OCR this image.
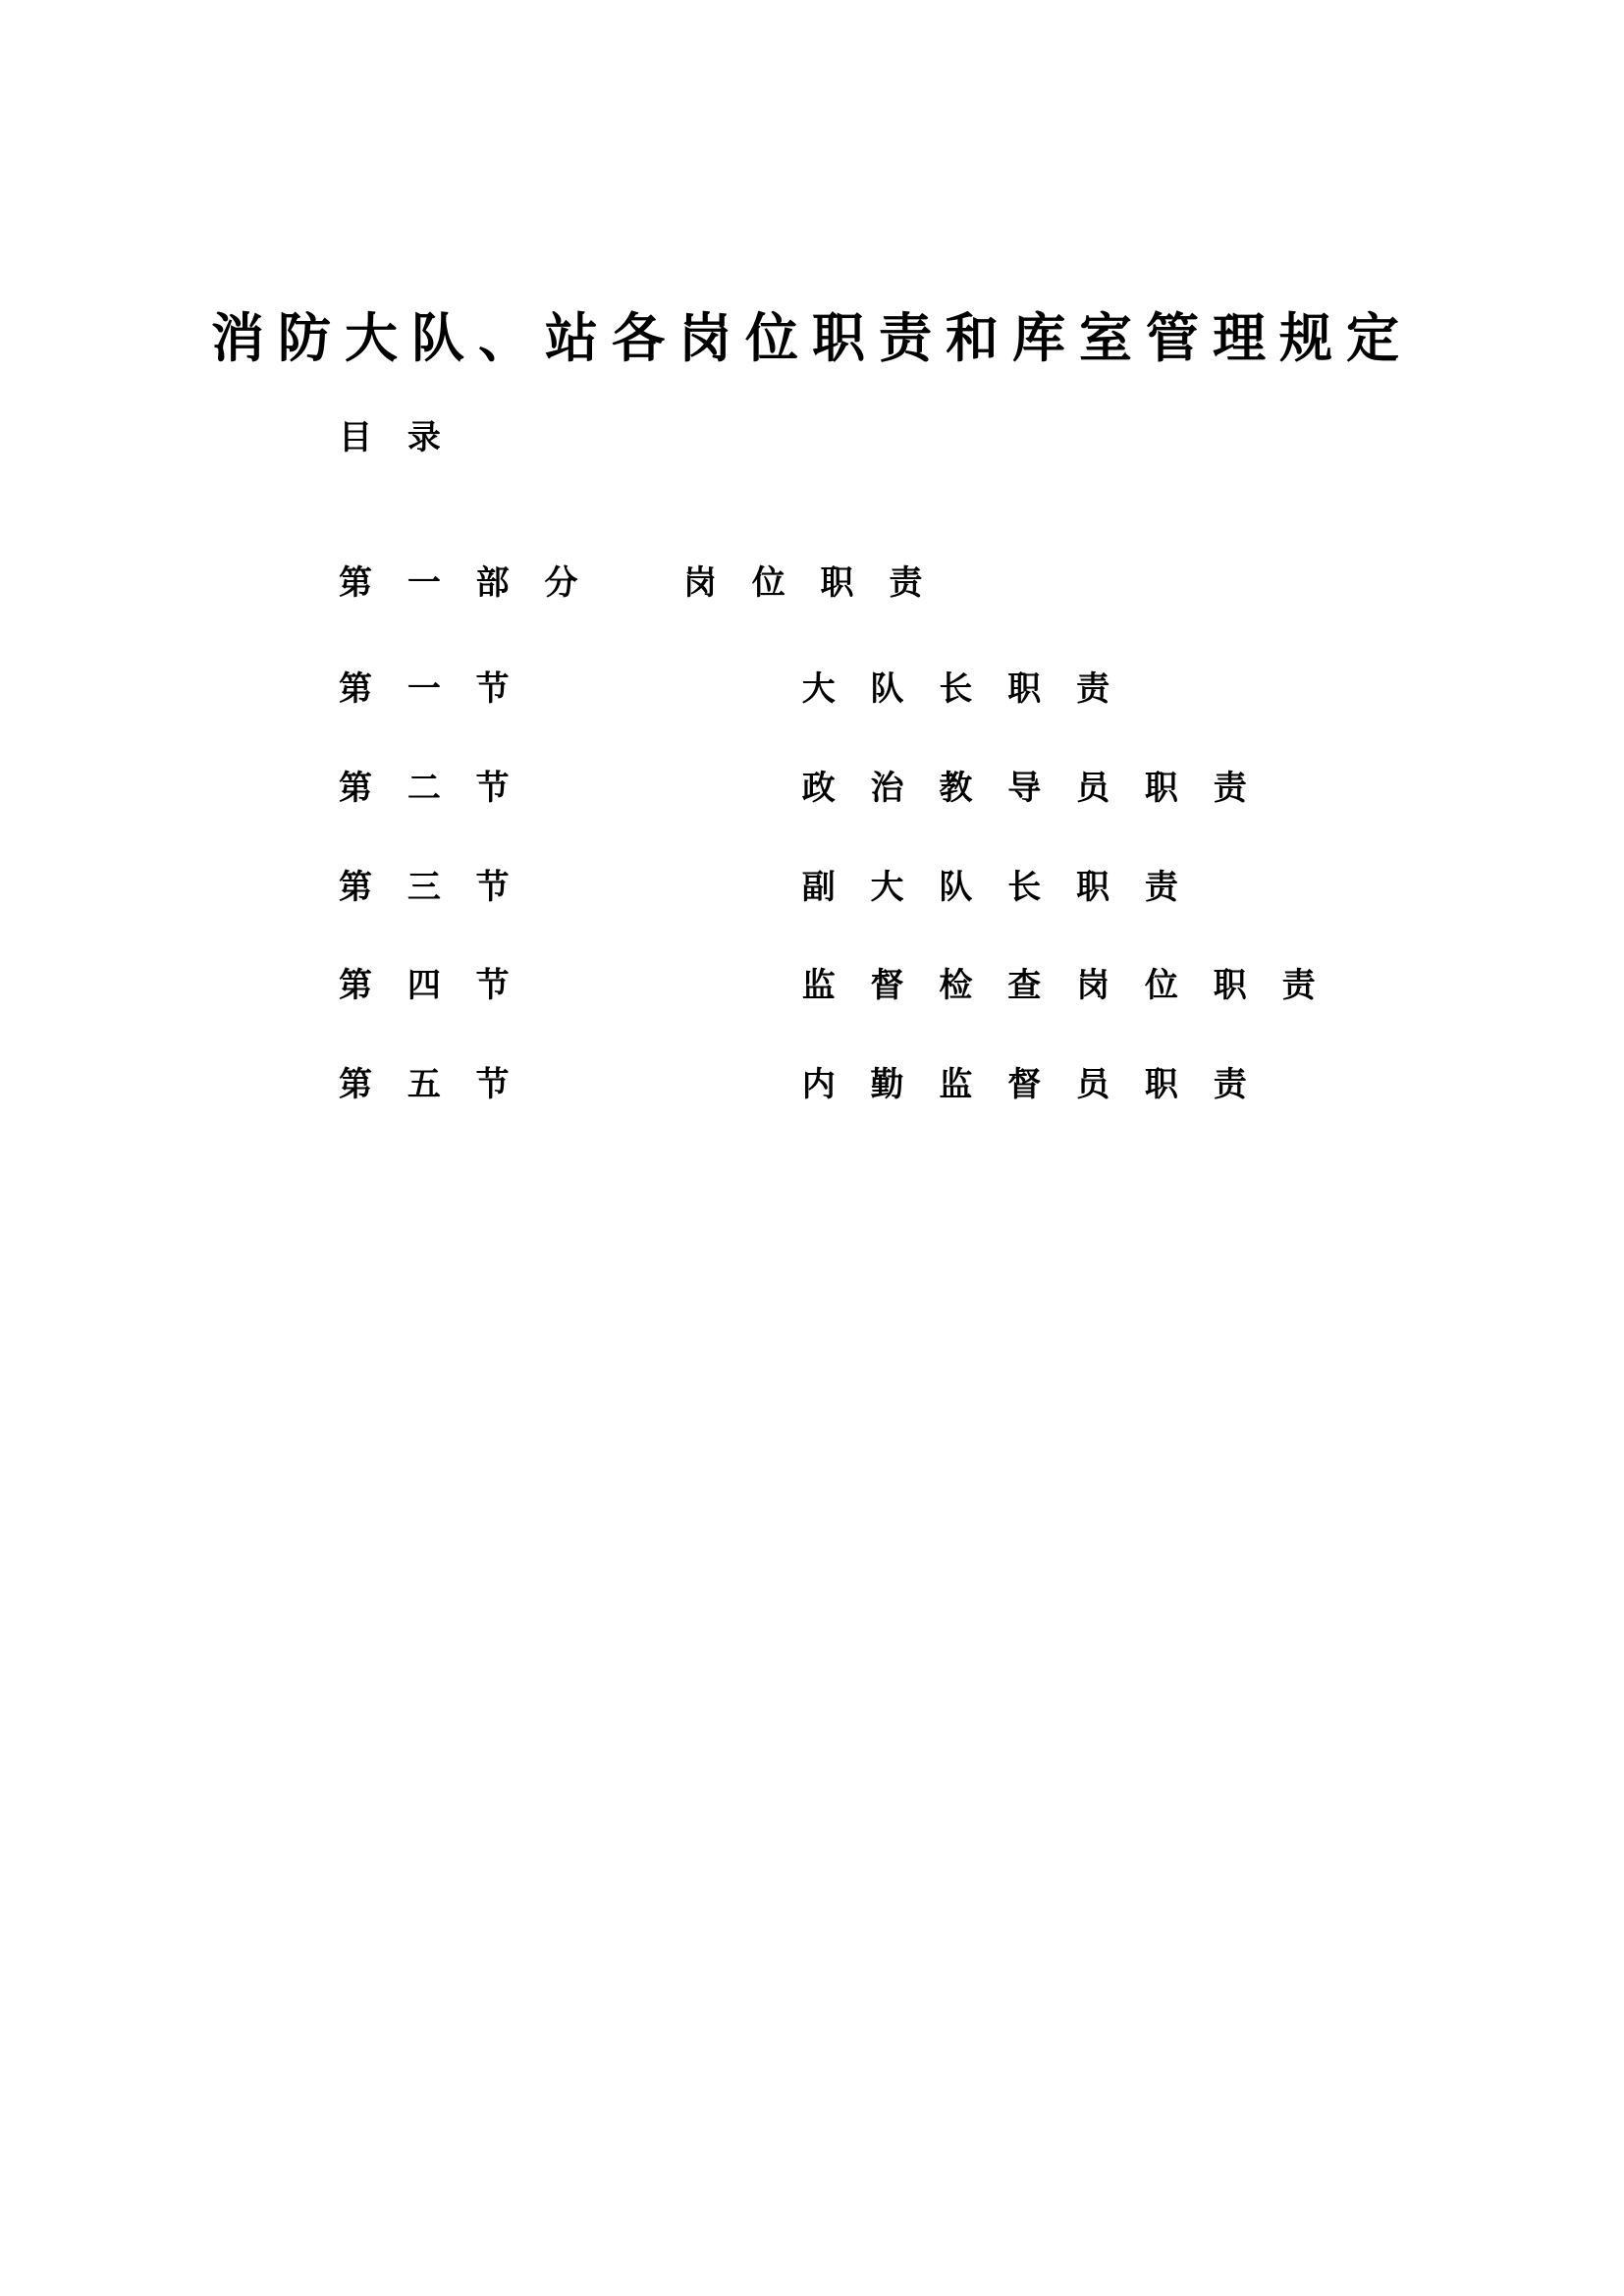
消防大队、站各岗位职责和库室管理规定
目 录
第 一 部 分    岗 位 职 责
第 一 节            大 队 长 职 责
第 二 节            政 治 教 导 员 职 责
第 三 节            副 大 队 长 职 责
第 四 节            监 督 检 查 岗 位 职 责
第 五 节            内 勤 监 督 员 职 责
